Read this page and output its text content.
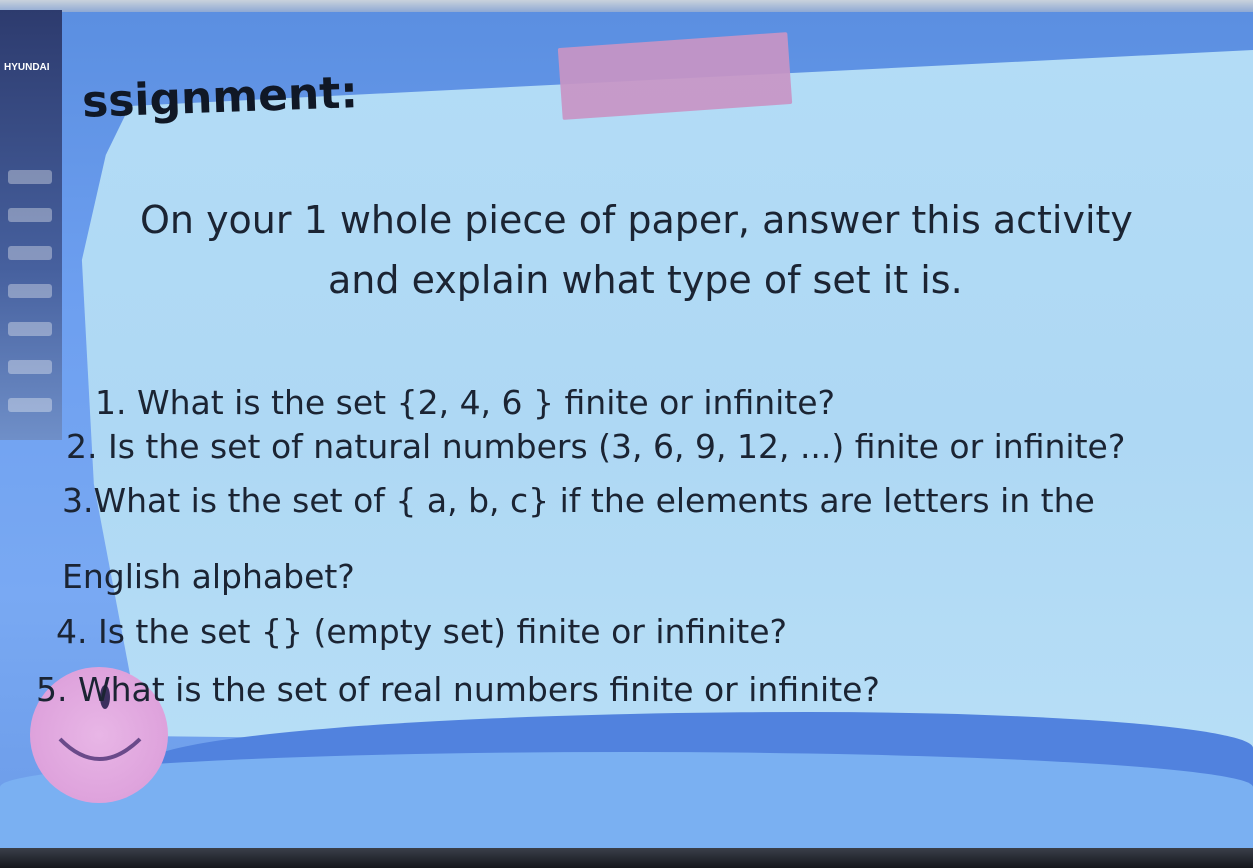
HYUNDAI ssignment:
On your 1 whole piece of paper, answer this activity
and explain what type of set it is.
1. What is the set {2, 4, 6 } finite or infinite?
2. Is the set of natural numbers (3, 6, 9, 12, ...) finite or infinite?
3.What is the set of { a, b, c} if the elements are letters in the
English alphabet?
4. Is the set {} (empty set) finite or infinite?
5. What is the set of real numbers finite or infinite?
